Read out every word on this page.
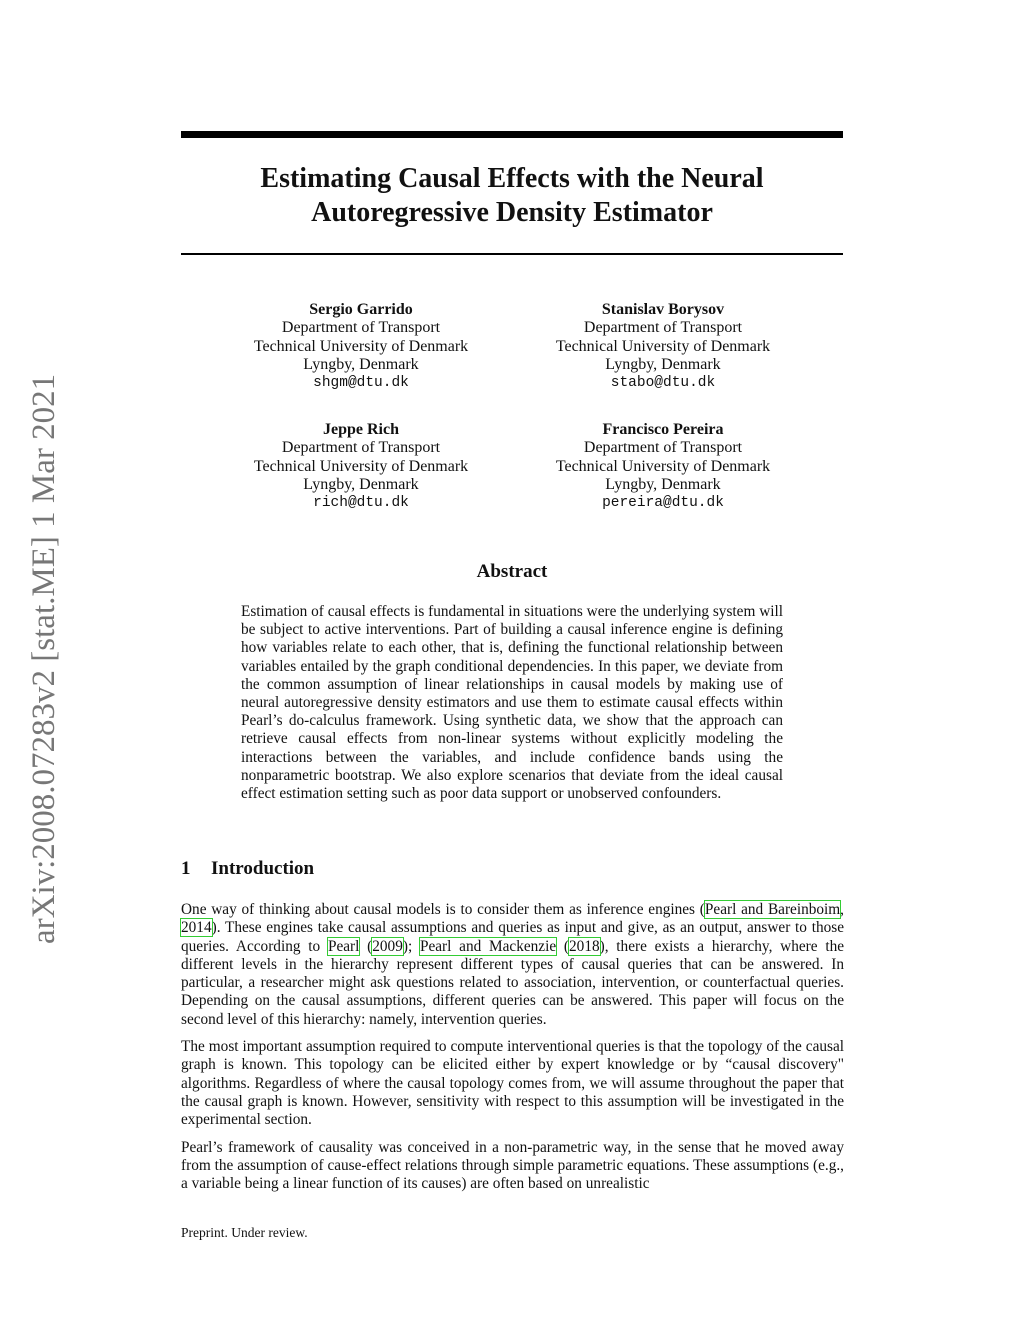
Estimating Causal Effects with the Neural
Autoregressive Density Estimator
arXiv:2008.07283v2 [stat.ME] 1 Mar 2021
Sergio Garrido
Department of Transport
Technical University of Denmark
Lyngby, Denmark
shgm@dtu.dk
Stanislav Borysov
Department of Transport
Technical University of Denmark
Lyngby, Denmark
stabo@dtu.dk
Jeppe Rich
Department of Transport
Technical University of Denmark
Lyngby, Denmark
rich@dtu.dk
Francisco Pereira
Department of Transport
Technical University of Denmark
Lyngby, Denmark
pereira@dtu.dk
Abstract

Estimation of causal effects is fundamental in situations were the underlying system will be subject to active interventions. Part of building a causal inference engine is defining how variables relate to each other, that is, defining the functional relationship between variables entailed by the graph conditional dependencies. In this paper, we deviate from the common assumption of linear relationships in causal models by making use of neural autoregressive density estimators and use them to estimate causal effects within Pearl’s do-calculus framework. Using synthetic data, we show that the approach can retrieve causal effects from non-linear systems without explicitly modeling the interactions between the variables, and include confidence bands using the nonparametric bootstrap. We also explore scenarios that deviate from the ideal causal effect estimation setting such as poor data support or unobserved confounders.

1 Introduction

One way of thinking about causal models is to consider them as inference engines (Pearl and Bareinboim, 2014). These engines take causal assumptions and queries as input and give, as an output, answer to those queries. According to Pearl (2009); Pearl and Mackenzie (2018), there exists a hierarchy, where the different levels in the hierarchy represent different types of causal queries that can be answered. In particular, a researcher might ask questions related to association, intervention, or counterfactual queries. Depending on the causal assumptions, different queries can be answered. This paper will focus on the second level of this hierarchy: namely, intervention queries.

The most important assumption required to compute interventional queries is that the topology of the causal graph is known. This topology can be elicited either by expert knowledge or by “causal discovery" algorithms. Regardless of where the causal topology comes from, we will assume throughout the paper that the causal graph is known. However, sensitivity with respect to this assumption will be investigated in the experimental section.

Pearl’s framework of causality was conceived in a non-parametric way, in the sense that he moved away from the assumption of cause-effect relations through simple parametric equations. These assumptions (e.g., a variable being a linear function of its causes) are often based on unrealistic

Preprint. Under review.
